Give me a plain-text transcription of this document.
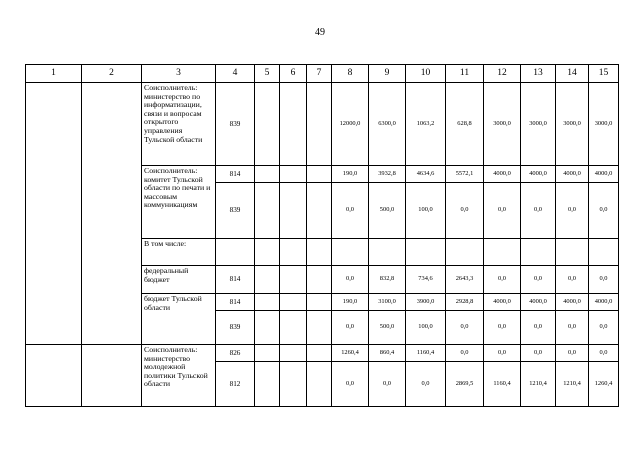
49
1	2	3	4	5	6	7	8	9	10	11	12	13	14	15
		Соисполнитель: министерство по информатизации, связи и вопросам открытого управления Тульской области	839				12000,0	6300,0	1063,2	628,8	3000,0	3000,0	3000,0	3000,0
		Соисполнитель: комитет Тульской области по печати и массовым коммуникациям	814				190,0	3932,8	4634,6	5572,1	4000,0	4000,0	4000,0	4000,0
			839				0,0	500,0	100,0	0,0	0,0	0,0	0,0	0,0
		В том числе:												
		федеральный бюджет	814				0,0	832,8	734,6	2643,3	0,0	0,0	0,0	0,0
		бюджет Тульской области	814				190,0	3100,0	3900,0	2928,8	4000,0	4000,0	4000,0	4000,0
			839				0,0	500,0	100,0	0,0	0,0	0,0	0,0	0,0
		Соисполнитель: министерство молодежной политики Тульской области	826				1260,4	860,4	1160,4	0,0	0,0	0,0	0,0	0,0
			812				0,0	0,0	0,0	2869,5	1160,4	1210,4	1210,4	1260,4
